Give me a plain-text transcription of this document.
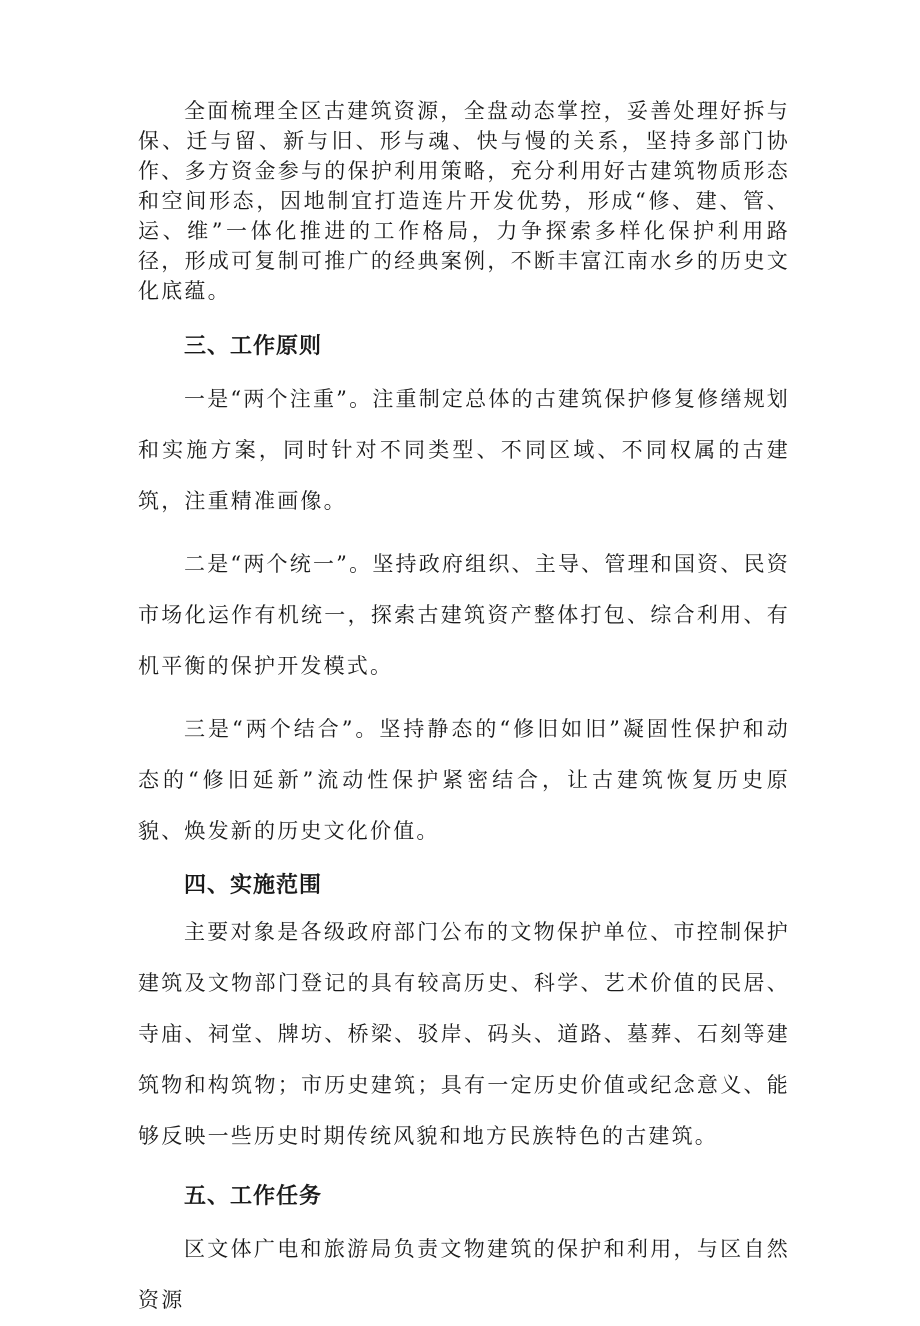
全面梳理全区古建筑资源，全盘动态掌控，妥善处理好拆与保、迁与留、新与旧、形与魂、快与慢的关系，坚持多部门协作、多方资金参与的保护利用策略，充分利用好古建筑物质形态和空间形态，因地制宜打造连片开发优势，形成“修、建、管、运、维”一体化推进的工作格局，力争探索多样化保护利用路径，形成可复制可推广的经典案例，不断丰富江南水乡的历史文化底蕴。

三、工作原则

一是“两个注重”。注重制定总体的古建筑保护修复修缮规划和实施方案，同时针对不同类型、不同区域、不同权属的古建筑，注重精准画像。

二是“两个统一”。坚持政府组织、主导、管理和国资、民资市场化运作有机统一，探索古建筑资产整体打包、综合利用、有机平衡的保护开发模式。

三是“两个结合”。坚持静态的“修旧如旧”凝固性保护和动态的“修旧延新”流动性保护紧密结合，让古建筑恢复历史原貌、焕发新的历史文化价值。

四、实施范围

主要对象是各级政府部门公布的文物保护单位、市控制保护建筑及文物部门登记的具有较高历史、科学、艺术价值的民居、寺庙、祠堂、牌坊、桥梁、驳岸、码头、道路、墓葬、石刻等建筑物和构筑物；市历史建筑；具有一定历史价值或纪念意义、能够反映一些历史时期传统风貌和地方民族特色的古建筑。

五、工作任务

区文体广电和旅游局负责文物建筑的保护和利用，与区自然资源
